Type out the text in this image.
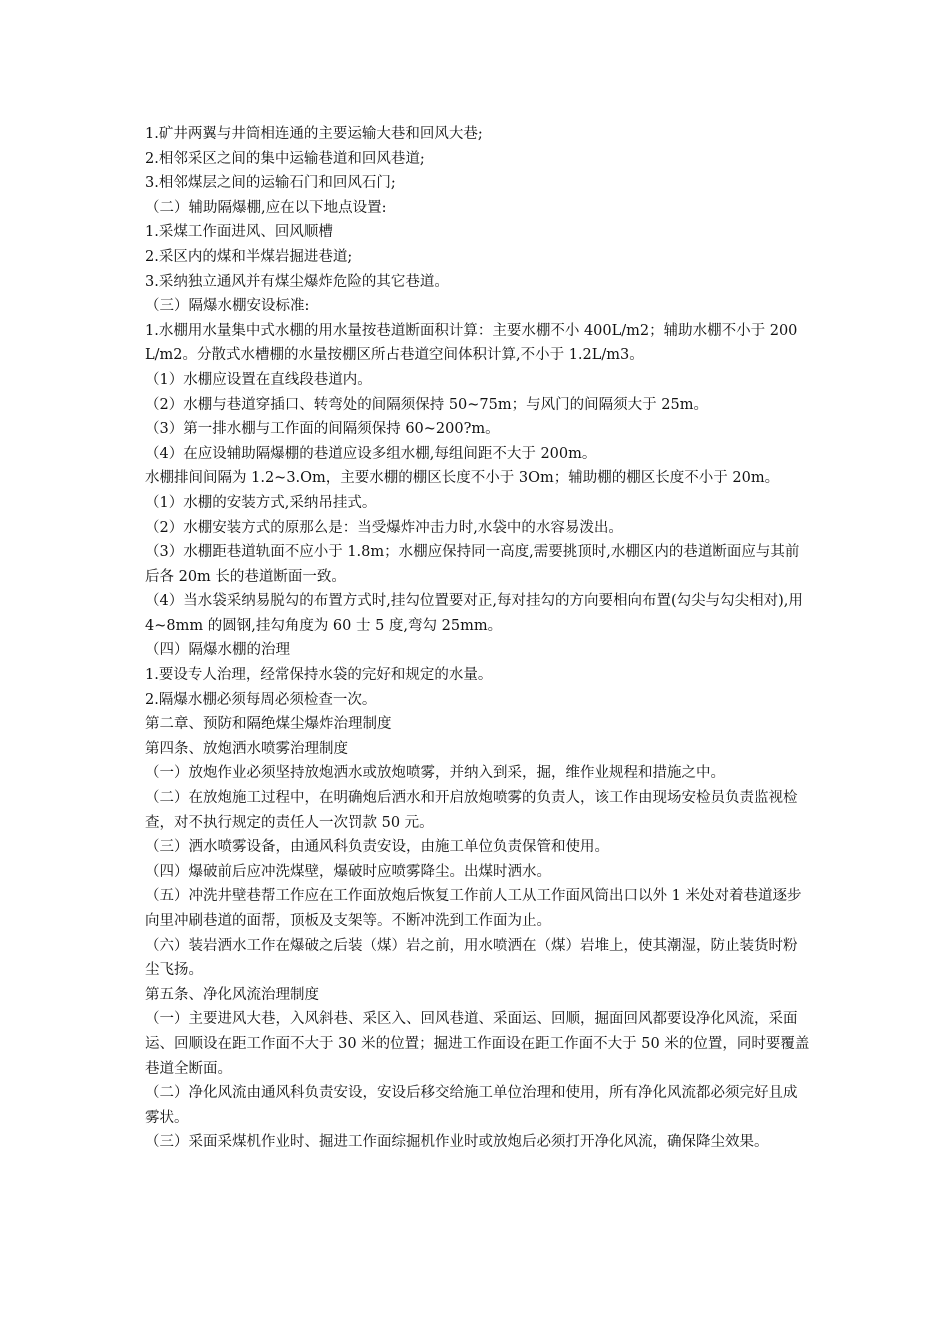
1.矿井两翼与井筒相连通的主要运输大巷和回风大巷;

2.相邻采区之间的集中运输巷道和回风巷道;

3.相邻煤层之间的运输石门和回风石门;

（二）辅助隔爆棚,应在以下地点设置:

1.采煤工作面进风、回风顺槽

2.采区内的煤和半煤岩掘进巷道;

3.采纳独立通风并有煤尘爆炸危险的其它巷道。

（三）隔爆水棚安设标准:

1.水棚用水量集中式水棚的用水量按巷道断面积计算：主要水棚不小 400L/m2；辅助水棚不小于 200L/m2。分散式水槽棚的水量按棚区所占巷道空间体积计算,不小于 1.2L/m3。

（1）水棚应设置在直线段巷道内。

（2）水棚与巷道穿插口、转弯处的间隔须保持 50~75m；与风门的间隔须大于 25m。

（3）第一排水棚与工作面的间隔须保持 60~200?m。

（4）在应设辅助隔爆棚的巷道应设多组水棚,每组间距不大于 200m。

水棚排间间隔为 1.2~3.Om，主要水棚的棚区长度不小于 3Om；辅助棚的棚区长度不小于 20m。

（1）水棚的安装方式,采纳吊挂式。

（2）水棚安装方式的原那么是：当受爆炸冲击力时,水袋中的水容易泼出。

（3）水棚距巷道轨面不应小于 1.8m；水棚应保持同一高度,需要挑顶时,水棚区内的巷道断面应与其前后各 20m 长的巷道断面一致。

（4）当水袋采纳易脱勾的布置方式时,挂勾位置要对正,每对挂勾的方向要相向布置(勾尖与勾尖相对),用 4~8mm 的圆钢,挂勾角度为 60 士 5 度,弯勾 25mm。

（四）隔爆水棚的治理

1.要设专人治理，经常保持水袋的完好和规定的水量。

2.隔爆水棚必须每周必须检查一次。

第二章、预防和隔绝煤尘爆炸治理制度

第四条、放炮洒水喷雾治理制度

（一）放炮作业必须坚持放炮洒水或放炮喷雾，并纳入到采，掘，维作业规程和措施之中。

（二）在放炮施工过程中，在明确炮后洒水和开启放炮喷雾的负责人，该工作由现场安检员负责监视检查，对不执行规定的责任人一次罚款 50 元。

（三）洒水喷雾设备，由通风科负责安设，由施工单位负责保管和使用。

（四）爆破前后应冲洗煤壁，爆破时应喷雾降尘。出煤时洒水。

（五）冲洗井壁巷帮工作应在工作面放炮后恢复工作前人工从工作面风筒出口以外 1 米处对着巷道逐步向里冲刷巷道的面帮，顶板及支架等。不断冲洗到工作面为止。

（六）装岩洒水工作在爆破之后装（煤）岩之前，用水喷洒在（煤）岩堆上，使其潮湿，防止装货时粉尘飞扬。

第五条、净化风流治理制度

（一）主要进风大巷，入风斜巷、采区入、回风巷道、采面运、回顺，掘面回风都要设净化风流，采面运、回顺设在距工作面不大于 30 米的位置；掘进工作面设在距工作面不大于 50 米的位置，同时要覆盖巷道全断面。

（二）净化风流由通风科负责安设，安设后移交给施工单位治理和使用，所有净化风流都必须完好且成雾状。

（三）采面采煤机作业时、掘进工作面综掘机作业时或放炮后必须打开净化风流，确保降尘效果。
